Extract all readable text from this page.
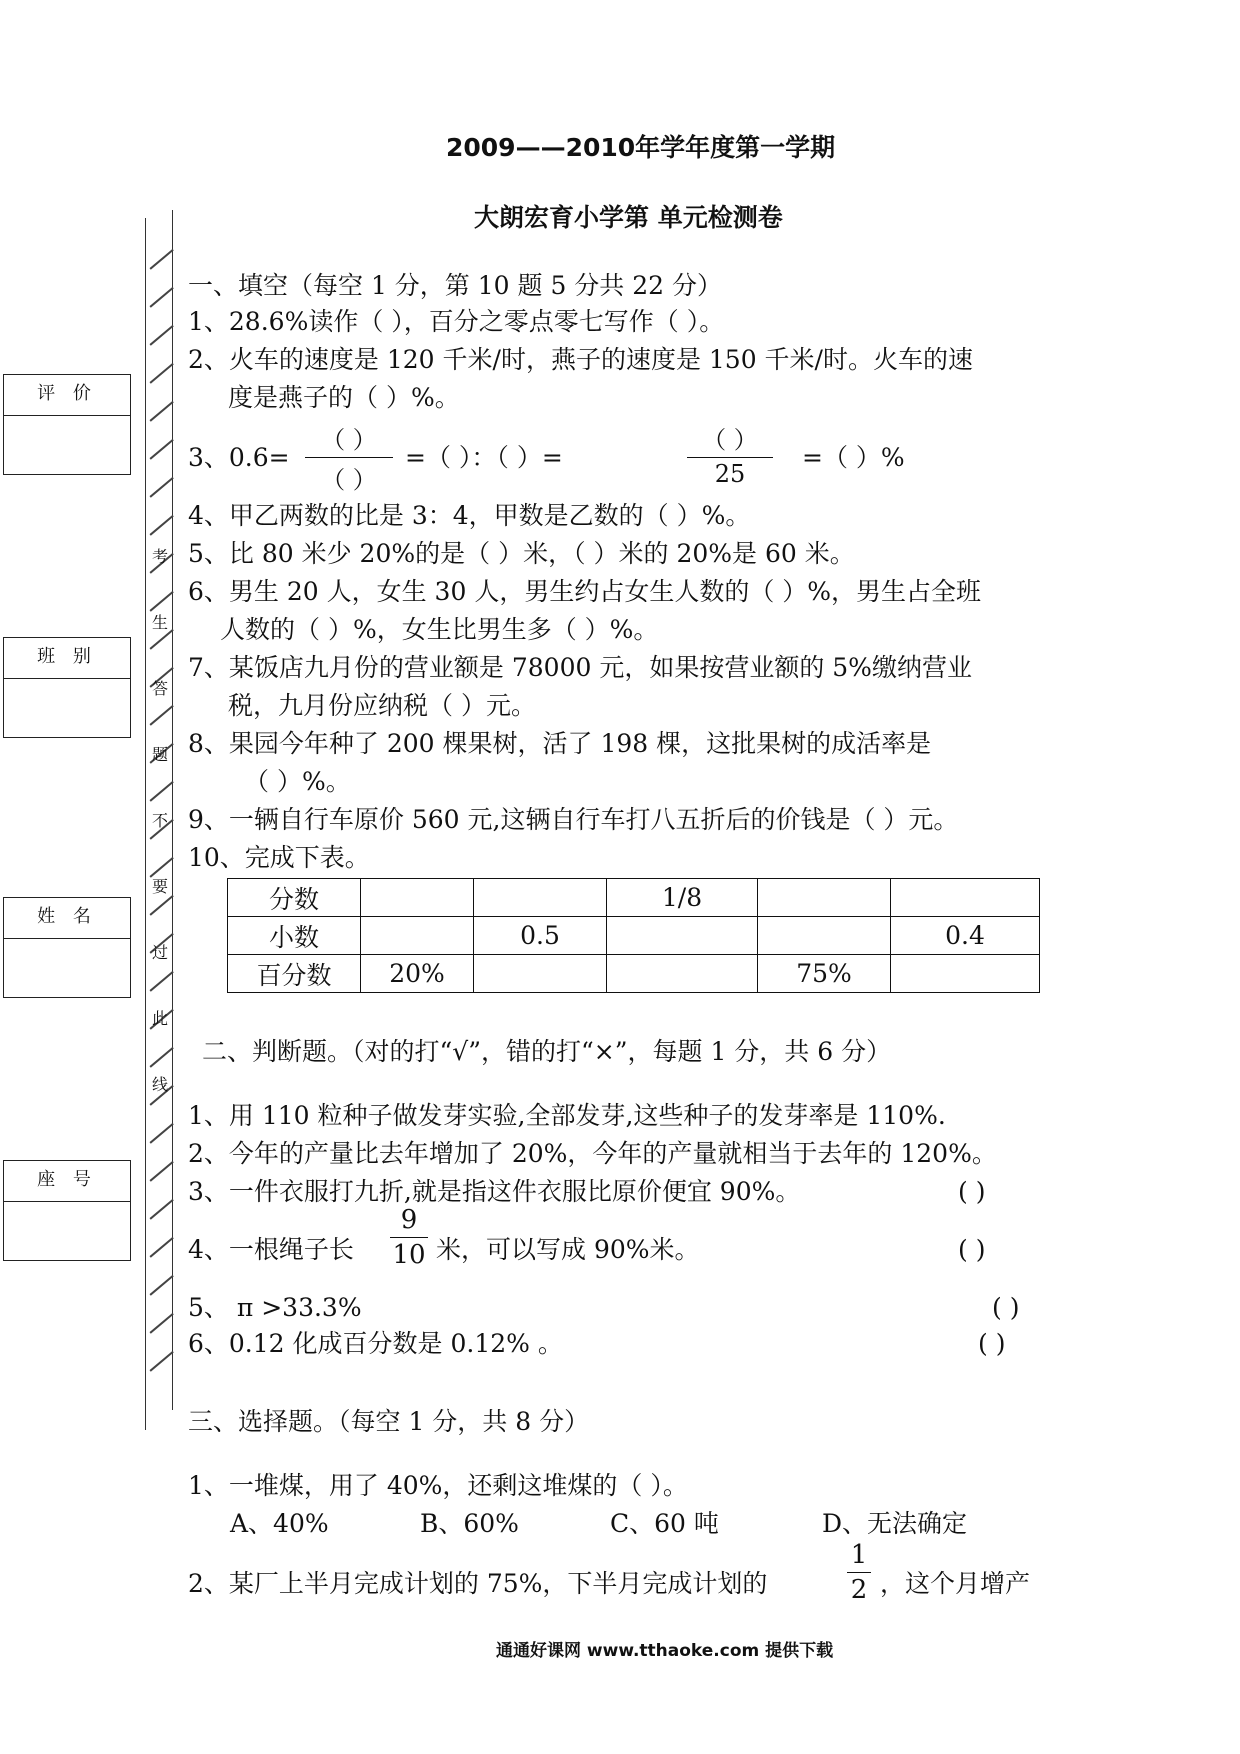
2009——2010年学年度第一学期
大朗宏育小学第 单元检测卷
评 价
班 别
姓 名
座 号
考
生
答
题
不
要
过
此
线
一、填空（每空 1 分，第 10 题 5 分共 22 分）
1、28.6%读作（ ），百分之零点零七写作（ ）。
2、火车的速度是 120 千米/时，燕子的速度是 150 千米/时。火车的速
度是燕子的（ ）%。
3、0.6=
（ ）
（ ）
=（ ）：（ ）=
（ ）
25
=（ ）%
4、甲乙两数的比是 3：4，甲数是乙数的（ ）%。
5、比 80 米少 20%的是（ ）米，（ ）米的 20%是 60 米。
6、男生 20 人，女生 30 人，男生约占女生人数的（ ）%，男生占全班
人数的（ ）%，女生比男生多（ ）%。
7、某饭店九月份的营业额是 78000 元，如果按营业额的 5%缴纳营业
税，九月份应纳税（ ）元。
8、果园今年种了 200 棵果树，活了 198 棵，这批果树的成活率是
（ ）%。
9、一辆自行车原价 560 元,这辆自行车打八五折后的价钱是（ ）元。
10、完成下表。
分数			1/8		
小数		0.5			0.4
百分数	20%			75%	
二、判断题。（对的打“√”，错的打“×”，每题 1 分，共 6 分）
1、用 110 粒种子做发芽实验,全部发芽,这些种子的发芽率是 110%.
2、今年的产量比去年增加了 20%，今年的产量就相当于去年的 120%。
3、一件衣服打九折,就是指这件衣服比原价便宜 90%。	( )
4、一根绳子长
9
10 米，可以写成 90%米。	( )
5、 π >33.3%	( )
6、0.12 化成百分数是 0.12% 。	( )
三、选择题。（每空 1 分，共 8 分）
1、一堆煤，用了 40%，还剩这堆煤的（ ）。
A、40%	B、60%	C、60 吨	D、无法确定
2、某厂上半月完成计划的 75%，下半月完成计划的
1
2 ，这个月增产
通通好课网 www.tthaoke.com 提供下载
